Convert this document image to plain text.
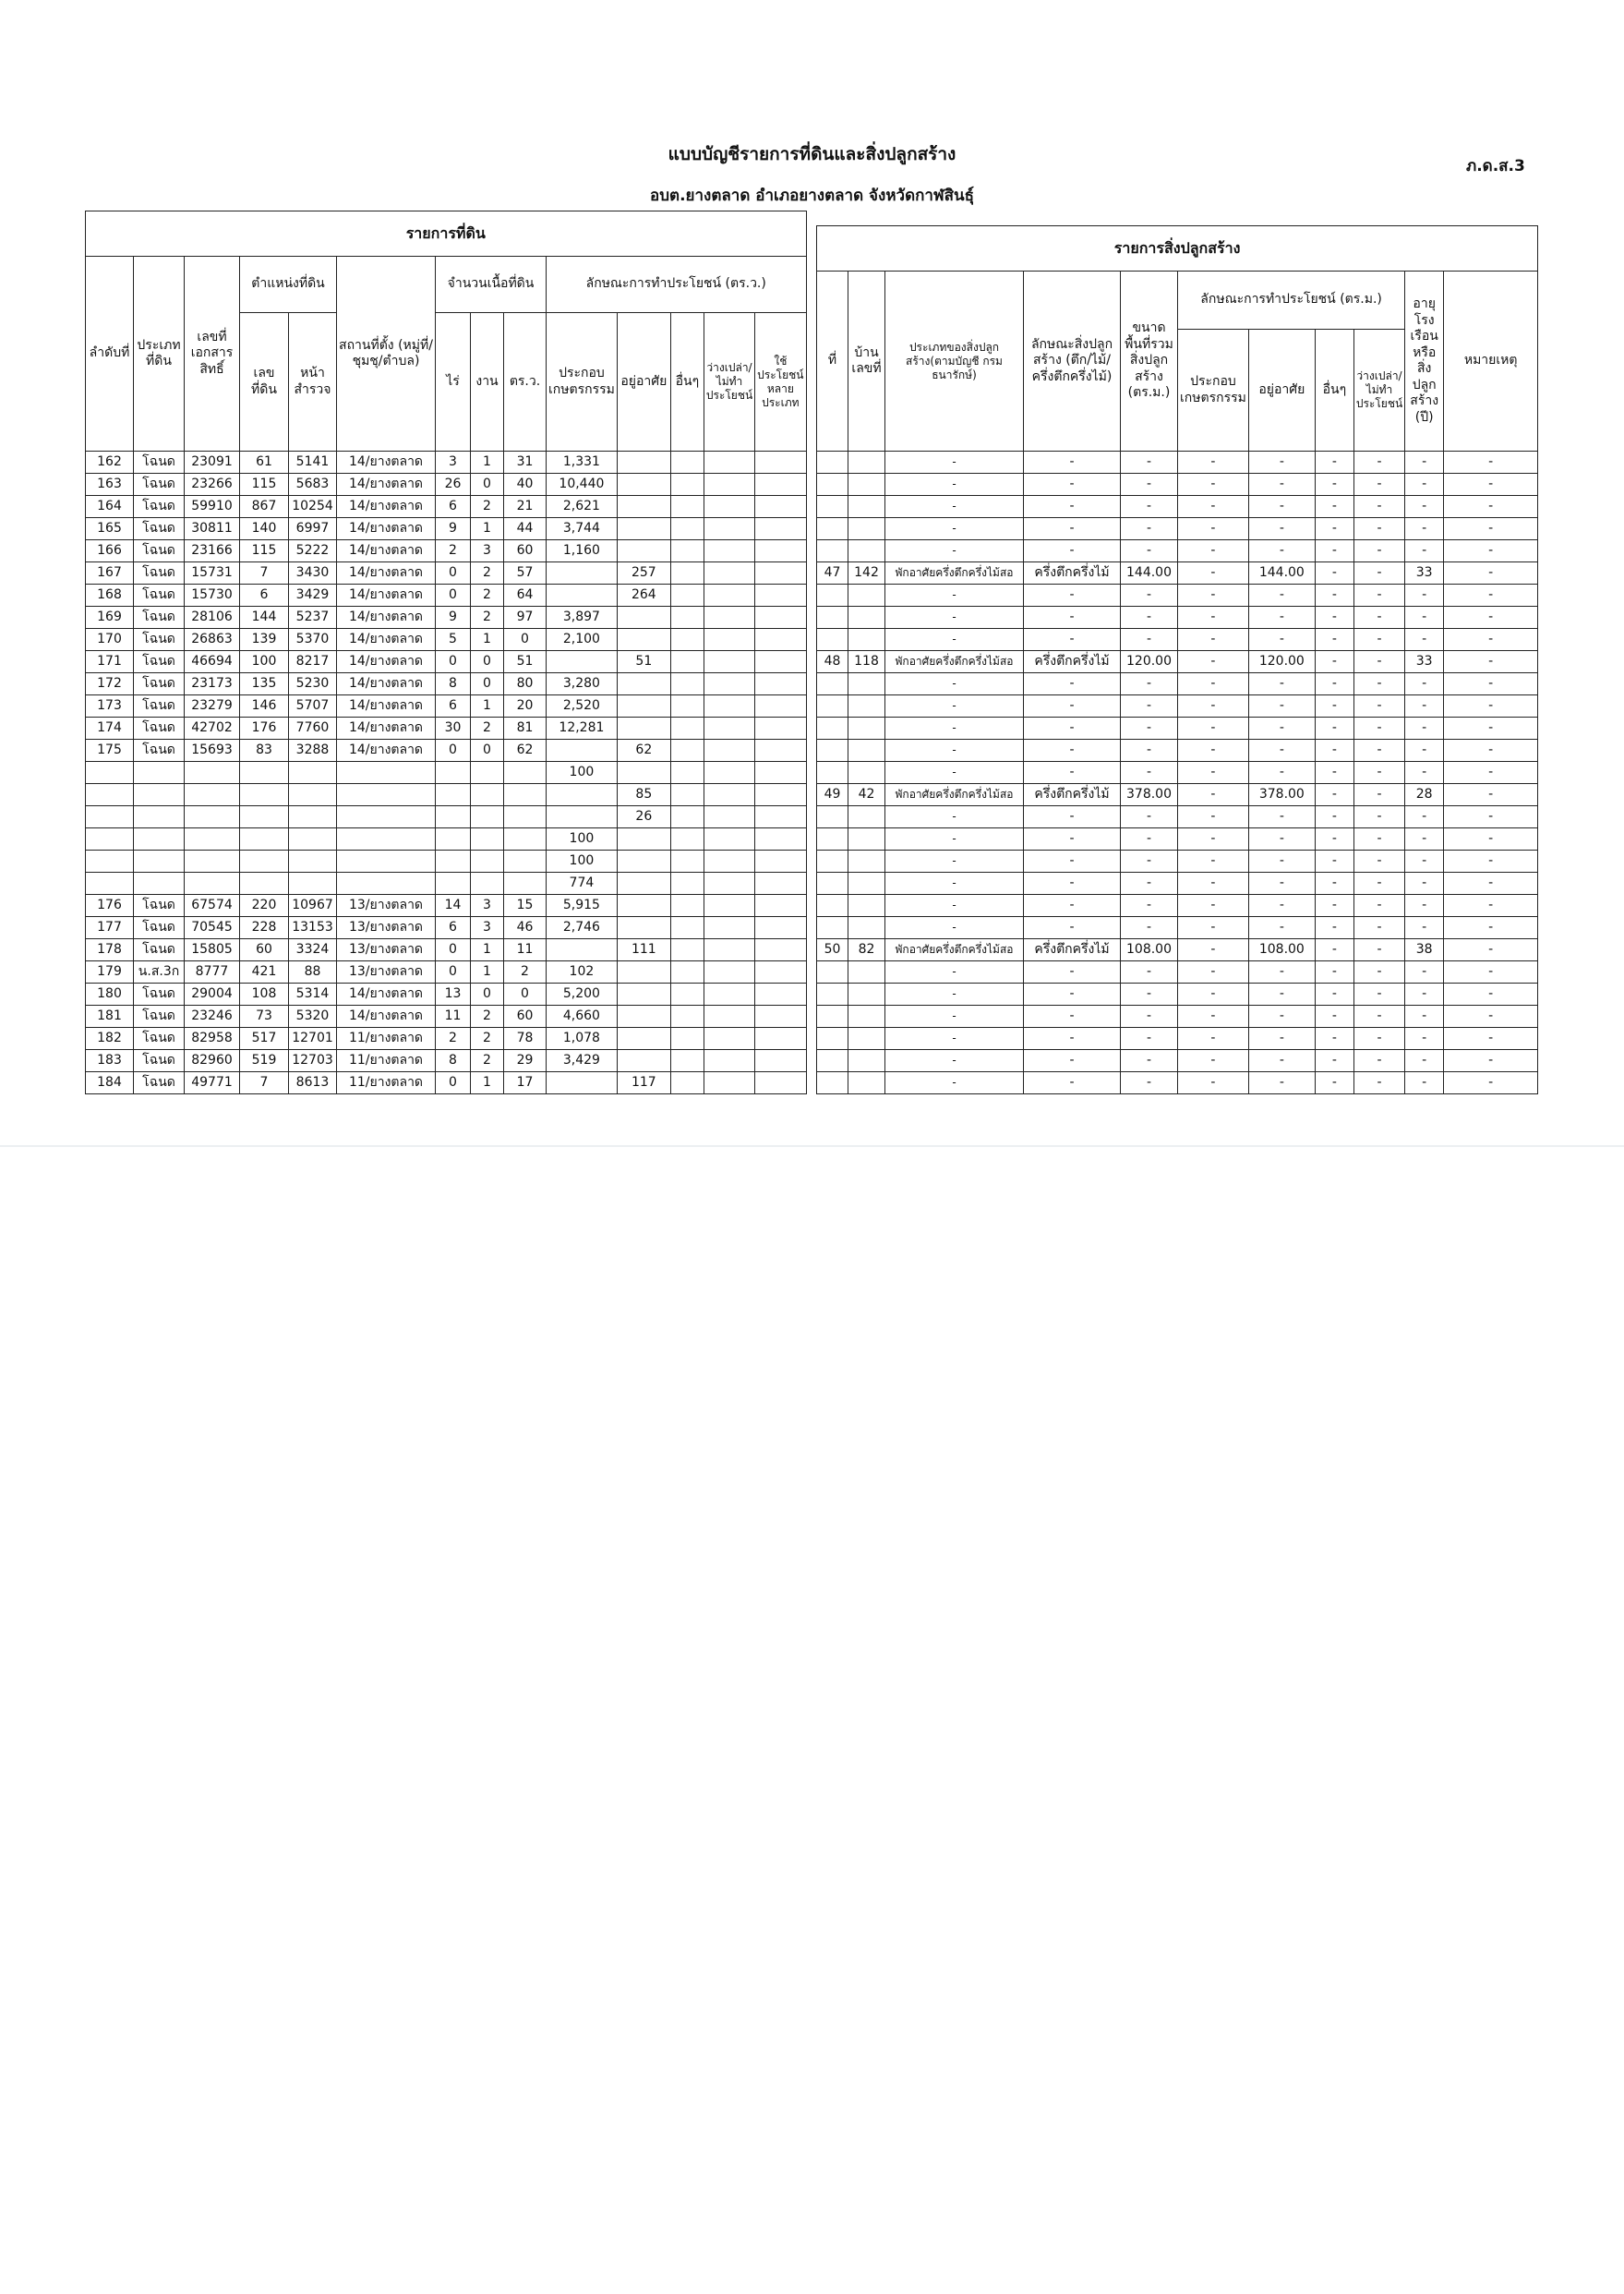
แบบบัญชีรายการที่ดินและสิ่งปลูกสร้าง
อบต.ยางตลาด อำเภอยางตลาด จังหวัดกาฬสินธุ์
ภ.ด.ส.3
รายการที่ดิน													
ลำดับที่	ประเภทที่ดิน	เลขที่เอกสารสิทธิ์	ตำแหน่งที่ดิน		สถานที่ตั้ง (หมู่ที่/ชุมชุ/ตำบล)	จำนวนเนื้อที่ดิน			ลักษณะการทำประโยชน์ (ตร.ว.)				
			เลขที่ดิน	หน้าสำรวจ		ไร่	งาน	ตร.ว.	ประกอบเกษตรกรรม	อยู่อาศัย	อื่นๆ	ว่างเปล่า/ไม่ทำประโยชน์	ใช้ประโยชน์หลายประเภท
162	โฉนด	23091	61	5141	14/ยางตลาด	3	1	31	1,331				
163	โฉนด	23266	115	5683	14/ยางตลาด	26	0	40	10,440				
164	โฉนด	59910	867	10254	14/ยางตลาด	6	2	21	2,621				
165	โฉนด	30811	140	6997	14/ยางตลาด	9	1	44	3,744				
166	โฉนด	23166	115	5222	14/ยางตลาด	2	3	60	1,160				
167	โฉนด	15731	7	3430	14/ยางตลาด	0	2	57		257			
168	โฉนด	15730	6	3429	14/ยางตลาด	0	2	64		264			
169	โฉนด	28106	144	5237	14/ยางตลาด	9	2	97	3,897				
170	โฉนด	26863	139	5370	14/ยางตลาด	5	1	0	2,100				
171	โฉนด	46694	100	8217	14/ยางตลาด	0	0	51		51			
172	โฉนด	23173	135	5230	14/ยางตลาด	8	0	80	3,280				
173	โฉนด	23279	146	5707	14/ยางตลาด	6	1	20	2,520				
174	โฉนด	42702	176	7760	14/ยางตลาด	30	2	81	12,281				
175	โฉนด	15693	83	3288	14/ยางตลาด	0	0	62		62			
									100				
										85			
										26			
									100				
									100				
									774				
176	โฉนด	67574	220	10967	13/ยางตลาด	14	3	15	5,915				
177	โฉนด	70545	228	13153	13/ยางตลาด	6	3	46	2,746				
178	โฉนด	15805	60	3324	13/ยางตลาด	0	1	11		111			
179	น.ส.3ก	8777	421	88	13/ยางตลาด	0	1	2	102				
180	โฉนด	29004	108	5314	14/ยางตลาด	13	0	0	5,200				
181	โฉนด	23246	73	5320	14/ยางตลาด	11	2	60	4,660				
182	โฉนด	82958	517	12701	11/ยางตลาด	2	2	78	1,078				
183	โฉนด	82960	519	12703	11/ยางตลาด	8	2	29	3,429				
184	โฉนด	49771	7	8613	11/ยางตลาด	0	1	17		117			
รายการสิ่งปลูกสร้าง										
ที่	บ้านเลขที่	ประเภทของสิ่งปลูกสร้าง(ตามบัญชี กรมธนารักษ์)	ลักษณะสิ่งปลูกสร้าง (ตึก/ไม้/ครึ่งตึกครึ่งไม้)	ขนาดพื้นที่รวมสิ่งปลูกสร้าง (ตร.ม.)	ลักษณะการทำประโยชน์ (ตร.ม.)				อายุโรงเรือนหรือสิ่งปลูกสร้าง (ปี)	หมายเหตุ
					ประกอบเกษตรกรรม	อยู่อาศัย	อื่นๆ	ว่างเปล่า/ไม่ทำประโยชน์		
		-	-	-	-	-	-	-	-	-
		-	-	-	-	-	-	-	-	-
		-	-	-	-	-	-	-	-	-
		-	-	-	-	-	-	-	-	-
		-	-	-	-	-	-	-	-	-
47	142	พักอาศัยครึ่งตึกครึ่งไม้สอ	ครึ่งตึกครึ่งไม้	144.00	-	144.00	-	-	33	-
		-	-	-	-	-	-	-	-	-
		-	-	-	-	-	-	-	-	-
		-	-	-	-	-	-	-	-	-
48	118	พักอาศัยครึ่งตึกครึ่งไม้สอ	ครึ่งตึกครึ่งไม้	120.00	-	120.00	-	-	33	-
		-	-	-	-	-	-	-	-	-
		-	-	-	-	-	-	-	-	-
		-	-	-	-	-	-	-	-	-
		-	-	-	-	-	-	-	-	-
		-	-	-	-	-	-	-	-	-
49	42	พักอาศัยครึ่งตึกครึ่งไม้สอ	ครึ่งตึกครึ่งไม้	378.00	-	378.00	-	-	28	-
		-	-	-	-	-	-	-	-	-
		-	-	-	-	-	-	-	-	-
		-	-	-	-	-	-	-	-	-
		-	-	-	-	-	-	-	-	-
		-	-	-	-	-	-	-	-	-
		-	-	-	-	-	-	-	-	-
50	82	พักอาศัยครึ่งตึกครึ่งไม้สอ	ครึ่งตึกครึ่งไม้	108.00	-	108.00	-	-	38	-
		-	-	-	-	-	-	-	-	-
		-	-	-	-	-	-	-	-	-
		-	-	-	-	-	-	-	-	-
		-	-	-	-	-	-	-	-	-
		-	-	-	-	-	-	-	-	-
		-	-	-	-	-	-	-	-	-
